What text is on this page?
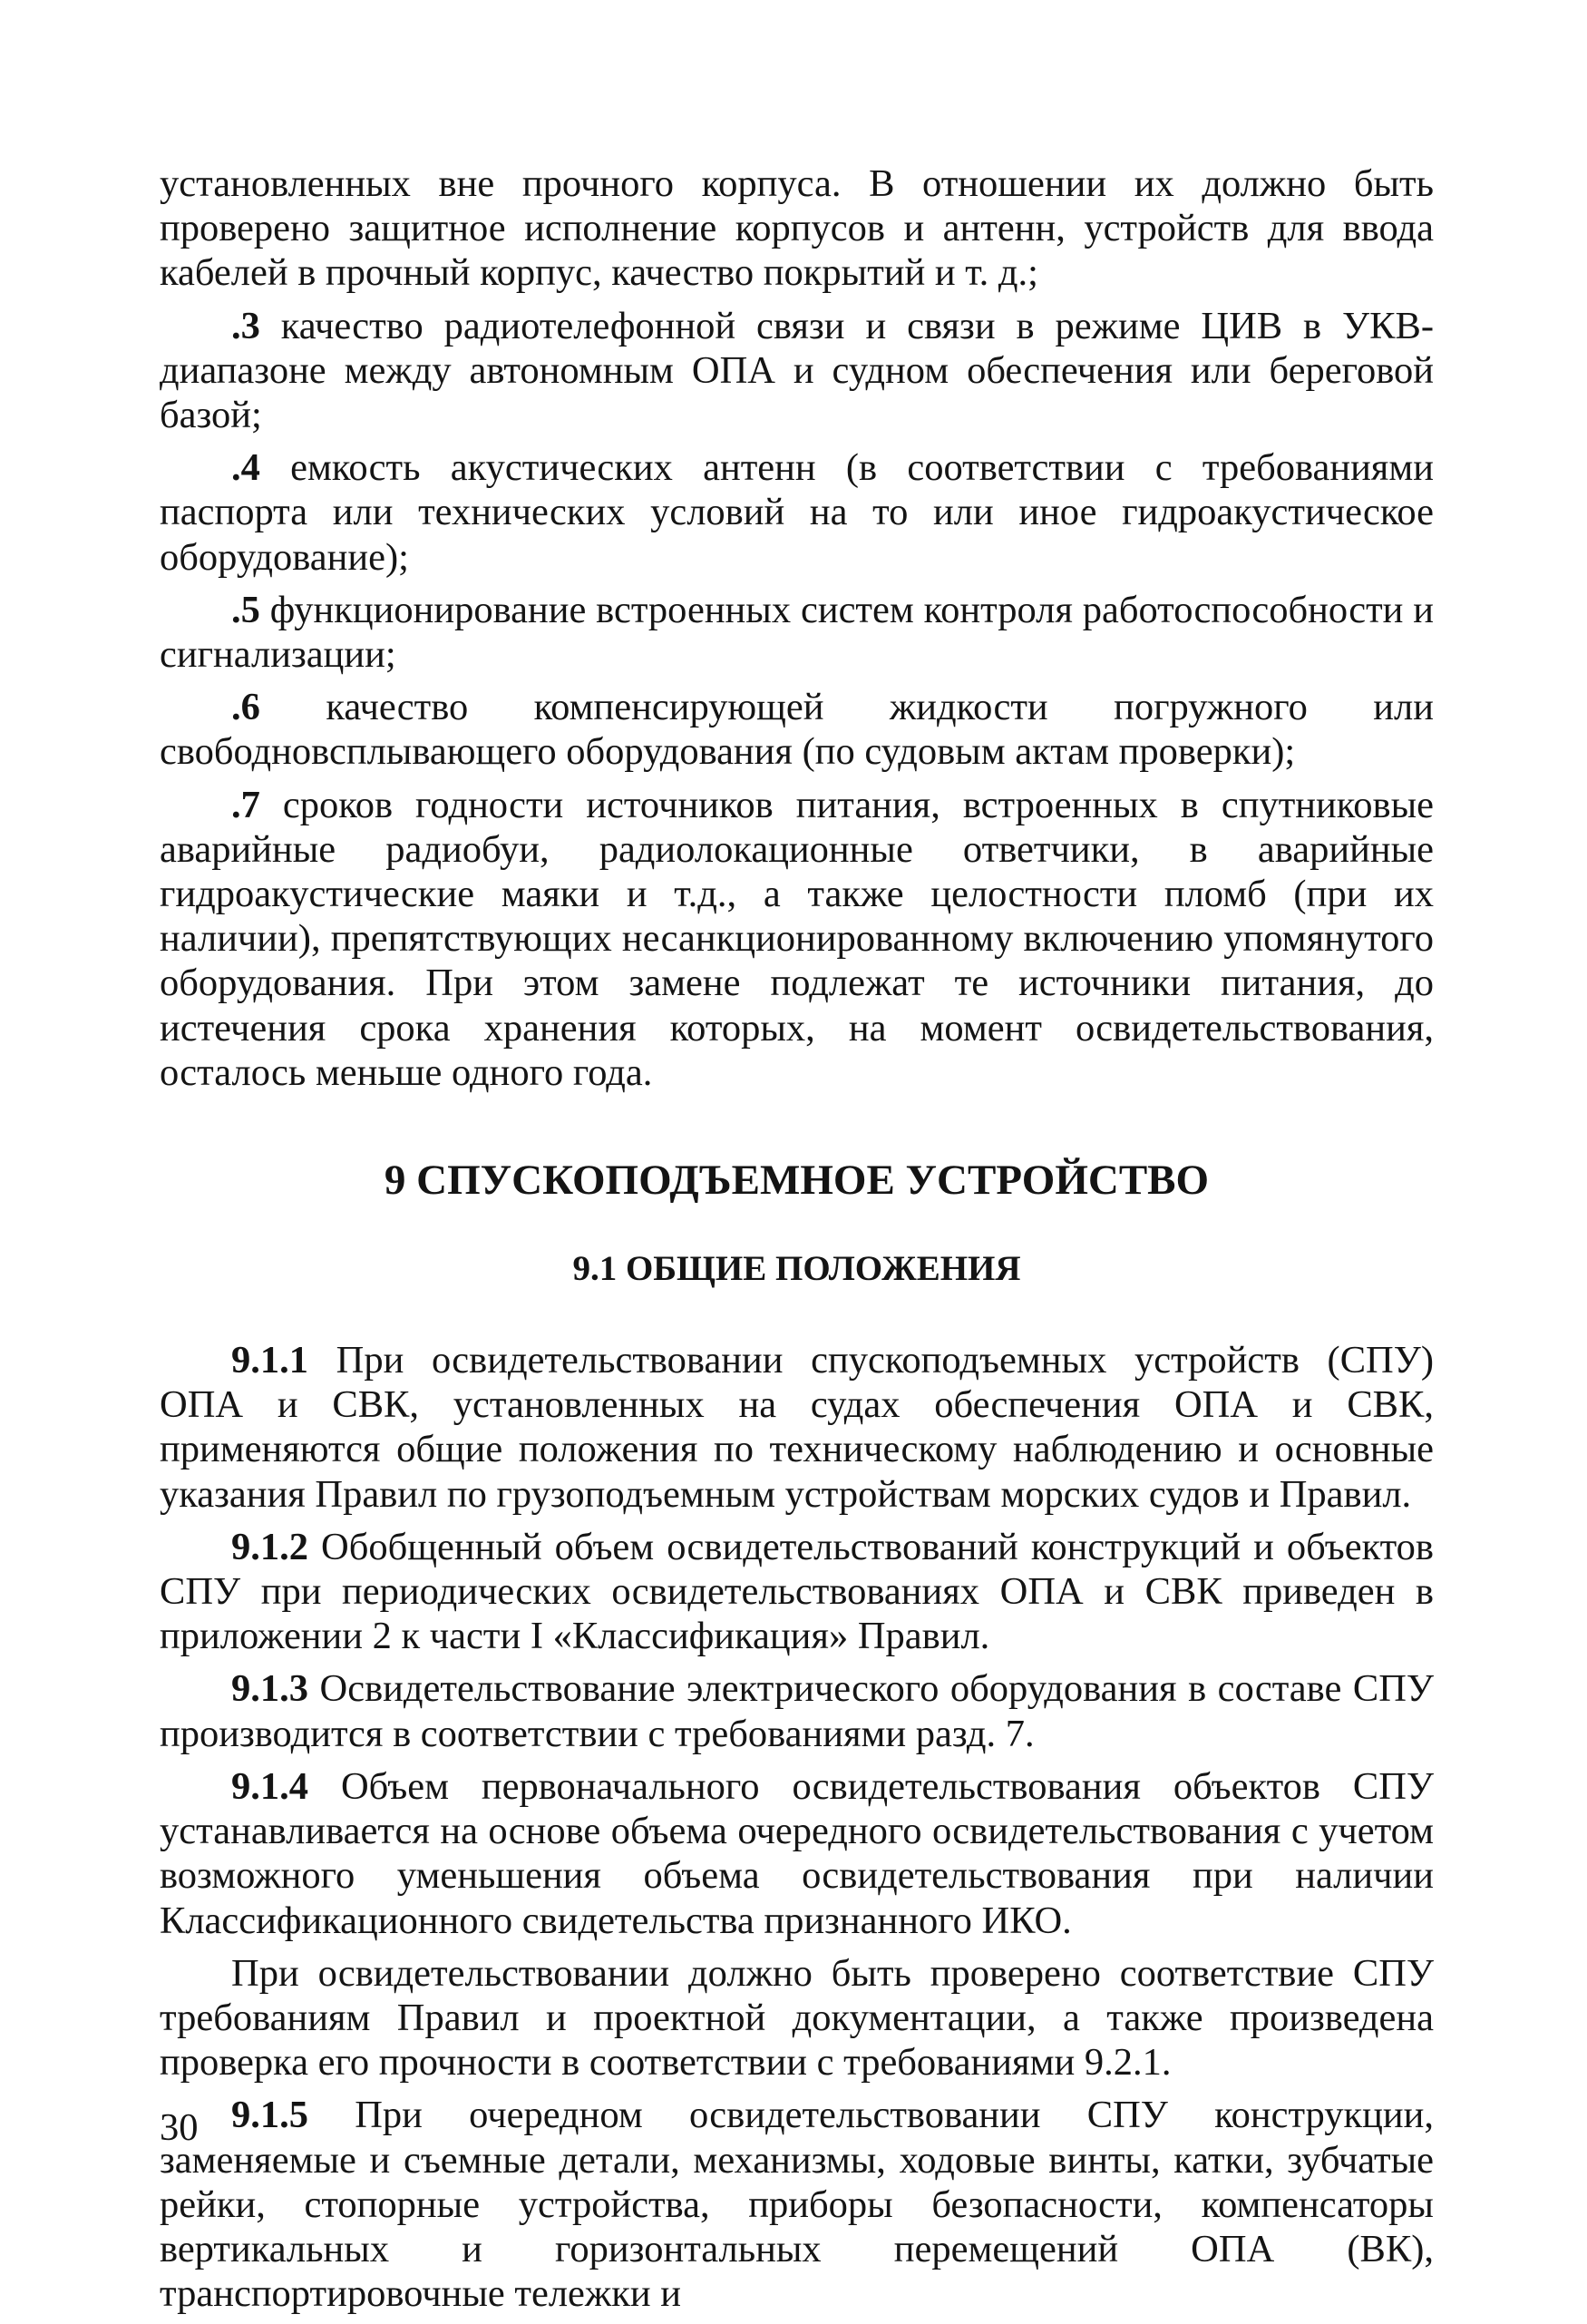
установленных вне прочного корпуса. В отношении их должно быть проверено защитное исполнение корпусов и антенн, устройств для ввода кабелей в прочный корпус, качество покрытий и т. д.;

.3 качество радиотелефонной связи и связи в режиме ЦИВ в УКВ-диапазоне между автономным ОПА и судном обеспечения или береговой базой;

.4 емкость акустических антенн (в соответствии с требованиями паспорта или технических условий на то или иное гидроакустическое оборудование);

.5 функционирование встроенных систем контроля работоспособности и сигнализации;

.6 качество компенсирующей жидкости погружного или свободновсплывающего оборудования (по судовым актам проверки);

.7 сроков годности источников питания, встроенных в спутниковые аварийные радиобуи, радиолокационные ответчики, в аварийные гидроакустические маяки и т.д., а также целостности пломб (при их наличии), препятствующих несанкционированному включению упомянутого оборудования. При этом замене подлежат те источники питания, до истечения срока хранения которых, на момент освидетельствования, осталось меньше одного года.

9 СПУСКОПОДЪЕМНОЕ УСТРОЙСТВО
9.1 ОБЩИЕ ПОЛОЖЕНИЯ

9.1.1 При освидетельствовании спускоподъемных устройств (СПУ) ОПА и СВК, установленных на судах обеспечения ОПА и СВК, применяются общие положения по техническому наблюдению и основные указания Правил по грузоподъемным устройствам морских судов и Правил.

9.1.2 Обобщенный объем освидетельствований конструкций и объектов СПУ при периодических освидетельствованиях ОПА и СВК приведен в приложении 2 к части I «Классификация» Правил.

9.1.3 Освидетельствование электрического оборудования в составе СПУ производится в соответствии с требованиями разд. 7.

9.1.4 Объем первоначального освидетельствования объектов СПУ устанавливается на основе объема очередного освидетельствования с учетом возможного уменьшения объема освидетельствования при наличии Классификационного свидетельства признанного ИКО.

При освидетельствовании должно быть проверено соответствие СПУ требованиям Правил и проектной документации, а также произведена проверка его прочности в соответствии с требованиями 9.2.1.

9.1.5 При очередном освидетельствовании СПУ конструкции, заменяемые и съемные детали, механизмы, ходовые винты, катки, зубчатые рейки, стопорные устройства, приборы безопасности, компенсаторы вертикальных и горизонтальных перемещений ОПА (ВК), транспортировочные тележки и

30
